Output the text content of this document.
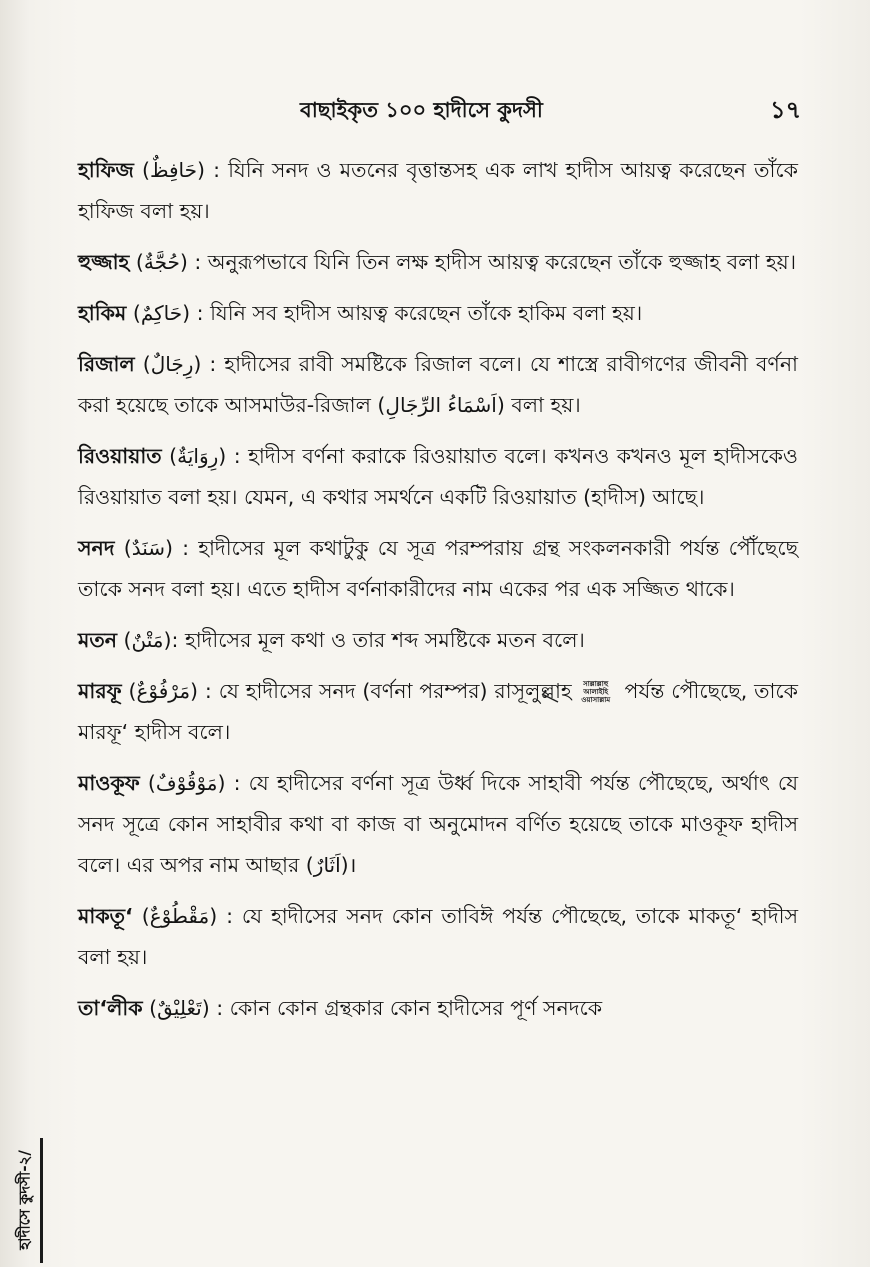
বাছাইকৃত ১০০ হাদীসে কুদসী	১৭

হাফিজ (حَافِظٌ) : যিনি সনদ ও মতনের বৃত্তান্তসহ এক লাখ হাদীস আয়ত্ব করেছেন তাঁকে হাফিজ বলা হয়।

হুজ্জাহ (حُجَّةٌ) : অনুরূপভাবে যিনি তিন লক্ষ হাদীস আয়ত্ব করেছেন তাঁকে হুজ্জাহ বলা হয়।

হাকিম (حَاكِمٌ) : যিনি সব হাদীস আয়ত্ব করেছেন তাঁকে হাকিম বলা হয়।

রিজাল (رِجَالٌ) : হাদীসের রাবী সমষ্টিকে রিজাল বলে। যে শাস্ত্রে রাবীগণের জীবনী বর্ণনা করা হয়েছে তাকে আসমাউর-রিজাল (اَسْمَاءُ الرِّجَالِ) বলা হয়।

রিওয়ায়াত (رِوَايَةٌ) : হাদীস বর্ণনা করাকে রিওয়ায়াত বলে। কখনও কখনও মূল হাদীসকেও রিওয়ায়াত বলা হয়। যেমন, এ কথার সমর্থনে একটি রিওয়ায়াত (হাদীস) আছে।

সনদ (سَنَدٌ) : হাদীসের মূল কথাটুকু যে সূত্র পরম্পরায় গ্রন্থ সংকলনকারী পর্যন্ত পৌঁছেছে তাকে সনদ বলা হয়। এতে হাদীস বর্ণনাকারীদের নাম একের পর এক সজ্জিত থাকে।

মতন (مَتْنٌ): হাদীসের মূল কথা ও তার শব্দ সমষ্টিকে মতন বলে।

মারফূ (مَرْفُوْعٌ) : যে হাদীসের সনদ (বর্ণনা পরম্পর) রাসূলুল্লাহ সাল্লাল্লাহু
আলাইহি
ওয়াসাল্লাম পর্যন্ত পৌছেছে, তাকে মারফূ‘ হাদীস বলে।

মাওকূফ (مَوْقُوْفٌ) : যে হাদীসের বর্ণনা সূত্র উর্ধ্ব দিকে সাহাবী পর্যন্ত পৌছেছে, অর্থাৎ যে সনদ সূত্রে কোন সাহাবীর কথা বা কাজ বা অনুমোদন বর্ণিত হয়েছে তাকে মাওকূফ হাদীস বলে। এর অপর নাম আছার (اَثَارٌ)।

মাকতূ‘ (مَقْطُوْعٌ) : যে হাদীসের সনদ কোন তাবিঈ পর্যন্ত পৌছেছে, তাকে মাকতূ‘ হাদীস বলা হয়।

তা‘লীক (تَعْلِيْقٌ) : কোন কোন গ্রন্থকার কোন হাদীসের পূর্ণ সনদকে

হাদীসে কুদসী-২/
